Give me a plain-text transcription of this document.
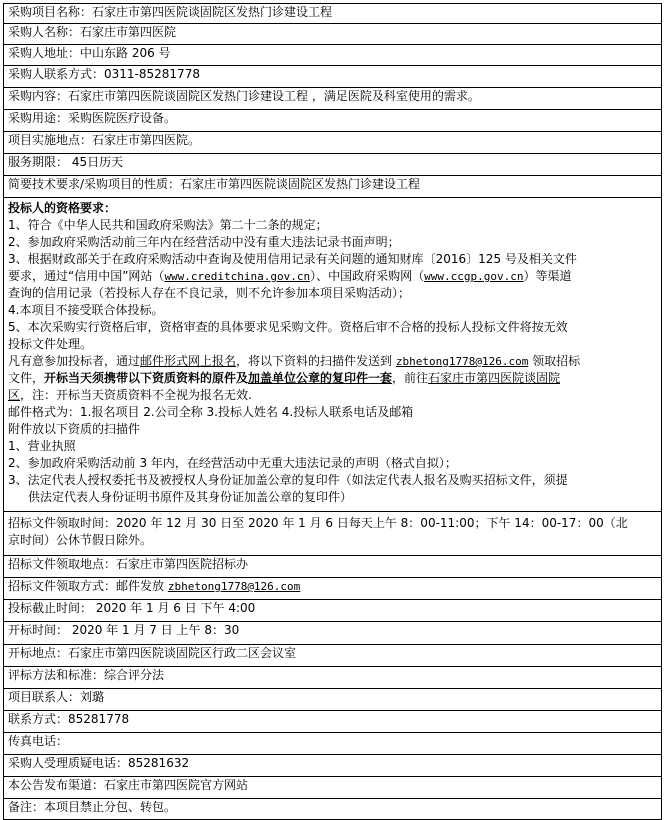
采购项目名称：石家庄市第四医院谈固院区发热门诊建设工程
采购人名称：石家庄市第四医院
采购人地址：中山东路 206 号
采购人联系方式：0311-85281778
采购内容：石家庄市第四医院谈固院区发热门诊建设工程 ，满足医院及科室使用的需求。
采购用途：采购医院医疗设备。
项目实施地点：石家庄市第四医院。
服务期限： 45日历天
简要技术要求/采购项目的性质：石家庄市第四医院谈固院区发热门诊建设工程

投标人的资格要求：
1、符合《中华人民共和国政府采购法》第二十二条的规定；
2、参加政府采购活动前三年内在经营活动中没有重大违法记录书面声明；
3、根据财政部关于在政府采购活动中查询及使用信用记录有关问题的通知财库〔2016〕125 号及相关文件
要求，通过“信用中国”网站（www.creditchina.gov.cn）、中国政府采购网（www.ccgp.gov.cn）等渠道
查询的信用记录（若投标人存在不良记录，则不允许参加本项目采购活动）；
4.本项目不接受联合体投标。
5、本次采购实行资格后审，资格审查的具体要求见采购文件。资格后审不合格的投标人投标文件将按无效
投标文件处理。
凡有意参加投标者，通过邮件形式网上报名，将以下资料的扫描件发送到 zbhetong1778@126.com 领取招标
文件，开标当天须携带以下资质资料的原件及加盖单位公章的复印件一套，前往石家庄市第四医院谈固院
区，注：开标当天资质资料不全视为报名无效.
邮件格式为：1.报名项目 2.公司全称 3.投标人姓名 4.投标人联系电话及邮箱
附件放以下资质的扫描件
1、营业执照
2、参加政府采购活动前 3 年内，在经营活动中无重大违法记录的声明（格式自拟）；
3、法定代表人授权委托书及被授权人身份证加盖公章的复印件（如法定代表人报名及购买招标文件，须提
供法定代表人身份证明书原件及其身份证加盖公章的复印件）

招标文件领取时间：2020 年 12 月 30 日至 2020 年 1 月 6 日每天上午 8：00-11:00；下午 14：00-17：00（北
京时间）公休节假日除外。

招标文件领取地点：石家庄市第四医院招标办
招标文件领取方式：邮件发放 zbhetong1778@126.com
投标截止时间： 2020 年 1 月 6 日 下午 4:00
开标时间： 2020 年 1 月 7 日 上午 8：30
开标地点：石家庄市第四医院谈固院区行政二区会议室
评标方法和标准：综合评分法
项目联系人：刘璐
联系方式：85281778
传真电话：
采购人受理质疑电话：85281632
本公告发布渠道：石家庄市第四医院官方网站
备注：本项目禁止分包、转包。
